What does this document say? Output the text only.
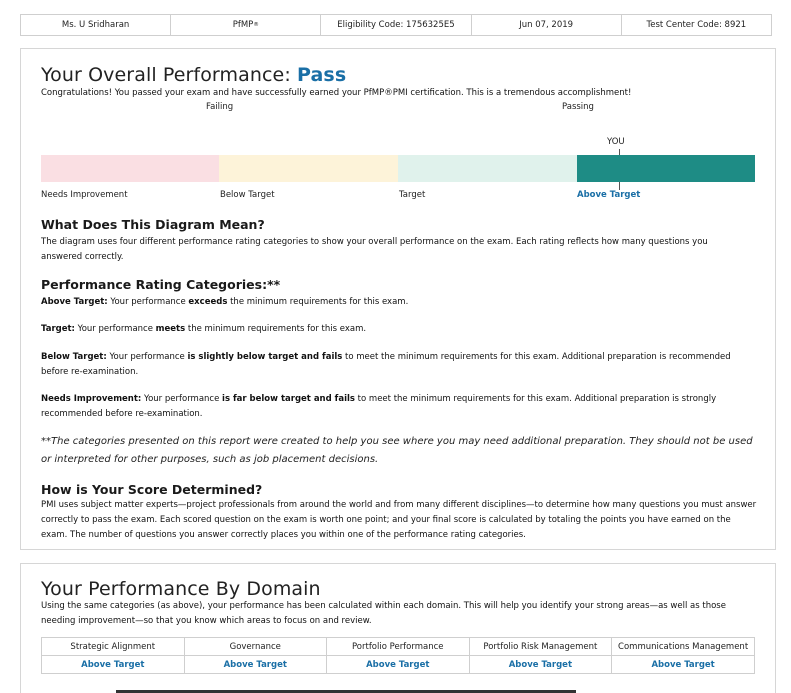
Ms. U Sridharan	PfMP ®	Eligibility Code: 1756325E5	Jun 07, 2019	Test Center Code: 8921
Your Overall Performance: Pass
Congratulations! You passed your exam and have successfully earned your PfMP®PMI certification. This is a tremendous accomplishment!
Failing	Passing
YOU
Needs Improvement	Below Target	Target	Above Target
What Does This Diagram Mean?
The diagram uses four different performance rating categories to show your overall performance on the exam. Each rating reflects how many questions you answered correctly.
Performance Rating Categories:**
Above Target: Your performance exceeds the minimum requirements for this exam.
Target: Your performance meets the minimum requirements for this exam.
Below Target: Your performance is slightly below target and fails to meet the minimum requirements for this exam. Additional preparation is recommended before re-examination.
Needs Improvement: Your performance is far below target and fails to meet the minimum requirements for this exam. Additional preparation is strongly recommended before re-examination.
**The categories presented on this report were created to help you see where you may need additional preparation. They should not be used or interpreted for other purposes, such as job placement decisions.
How is Your Score Determined?
PMI uses subject matter experts—project professionals from around the world and from many different disciplines—to determine how many questions you must answer correctly to pass the exam. Each scored question on the exam is worth one point; and your final score is calculated by totaling the points you have earned on the exam. The number of questions you answer correctly places you within one of the performance rating categories.
Your Performance By Domain
Using the same categories (as above), your performance has been calculated within each domain. This will help you identify your strong areas—as well as those needing improvement—so that you know which areas to focus on and review.
Strategic Alignment	Governance	Portfolio Performance	Portfolio Risk Management	Communications Management
Above Target	Above Target	Above Target	Above Target	Above Target
